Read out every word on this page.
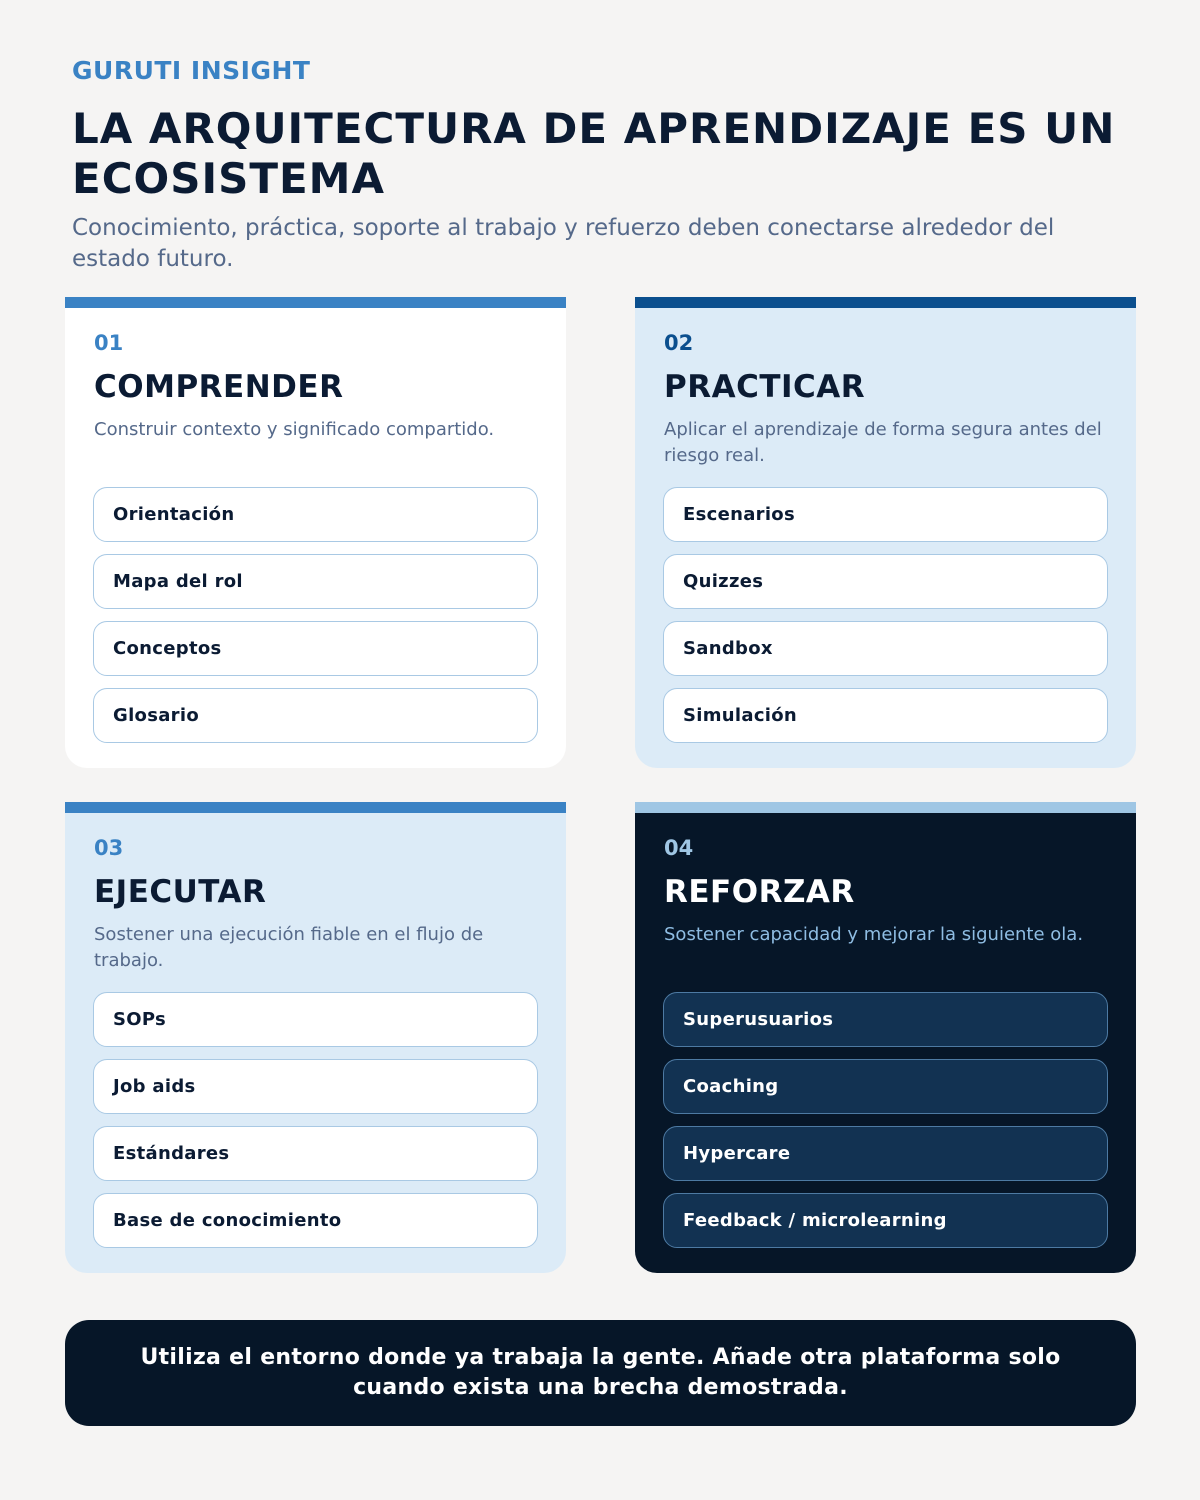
GURUTI INSIGHT
LA ARQUITECTURA DE APRENDIZAJE ES UN ECOSISTEMA
Conocimiento, práctica, soporte al trabajo y refuerzo deben conectarse alrededor del estado futuro.
01
COMPRENDER
Construir contexto y significado compartido.
Orientación
Mapa del rol
Conceptos
Glosario
02
PRACTICAR
Aplicar el aprendizaje de forma segura antes del riesgo real.
Escenarios
Quizzes
Sandbox
Simulación
03
EJECUTAR
Sostener una ejecución fiable en el flujo de trabajo.
SOPs
Job aids
Estándares
Base de conocimiento
04
REFORZAR
Sostener capacidad y mejorar la siguiente ola.
Superusuarios
Coaching
Hypercare
Feedback / microlearning
Utiliza el entorno donde ya trabaja la gente. Añade otra plataforma solo cuando exista una brecha demostrada.
